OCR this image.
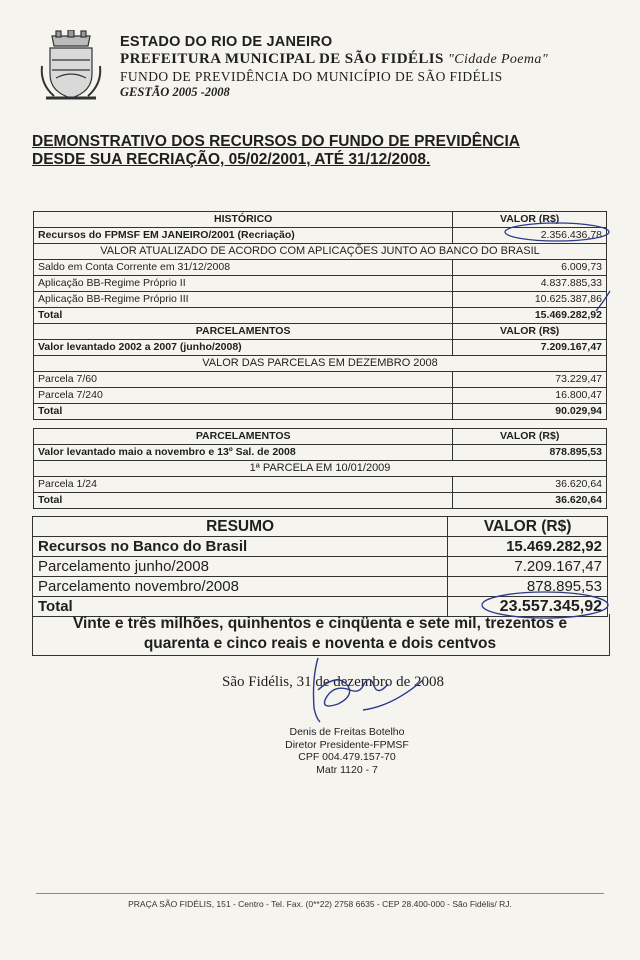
ESTADO DO RIO DE JANEIRO
PREFEITURA MUNICIPAL DE SÃO FIDÉLIS "Cidade Poema"
FUNDO DE PREVIDÊNCIA DO MUNICÍPIO DE SÃO FIDÉLIS
GESTÃO 2005 -2008
DEMONSTRATIVO DOS RECURSOS DO FUNDO DE PREVIDÊNCIA
DESDE SUA RECRIAÇÃO, 05/02/2001, ATÉ 31/12/2008.
HISTÓRICO	VALOR (R$)
Recursos do FPMSF EM JANEIRO/2001 (Recriação)	2.356.436,78
VALOR ATUALIZADO DE ACORDO COM APLICAÇÕES JUNTO AO BANCO DO BRASIL	
Saldo em Conta Corrente em 31/12/2008	6.009,73
Aplicação BB-Regime Próprio II	4.837.885,33
Aplicação BB-Regime Próprio III	10.625.387,86
Total	15.469.282,92
PARCELAMENTOS	VALOR (R$)
Valor levantado 2002 a 2007 (junho/2008)	7.209.167,47
VALOR DAS PARCELAS EM DEZEMBRO 2008	
Parcela 7/60	73.229,47
Parcela 7/240	16.800,47
Total	90.029,94
PARCELAMENTOS	VALOR (R$)
Valor levantado maio a novembro e 13º Sal. de 2008	878.895,53
1ª PARCELA EM 10/01/2009	
Parcela 1/24	36.620,64
Total	36.620,64
RESUMO	VALOR (R$)
Recursos no Banco do Brasil	15.469.282,92
Parcelamento junho/2008	7.209.167,47
Parcelamento novembro/2008	878.895,53
Total	23.557.345,92
Vinte e três milhões, quinhentos e cinqüenta e sete mil, trezentos e
quarenta e cinco reais e noventa e dois centvos
São Fidélis, 31 de dezembro de 2008
Denis de Freitas Botelho
Diretor Presidente-FPMSF
CPF 004.479.157-70
Matr 1120 - 7
PRAÇA SÃO FIDÉLIS, 151 - Centro - Tel. Fax. (0**22) 2758 6635 - CEP 28.400-000 - São Fidélis/ RJ.
